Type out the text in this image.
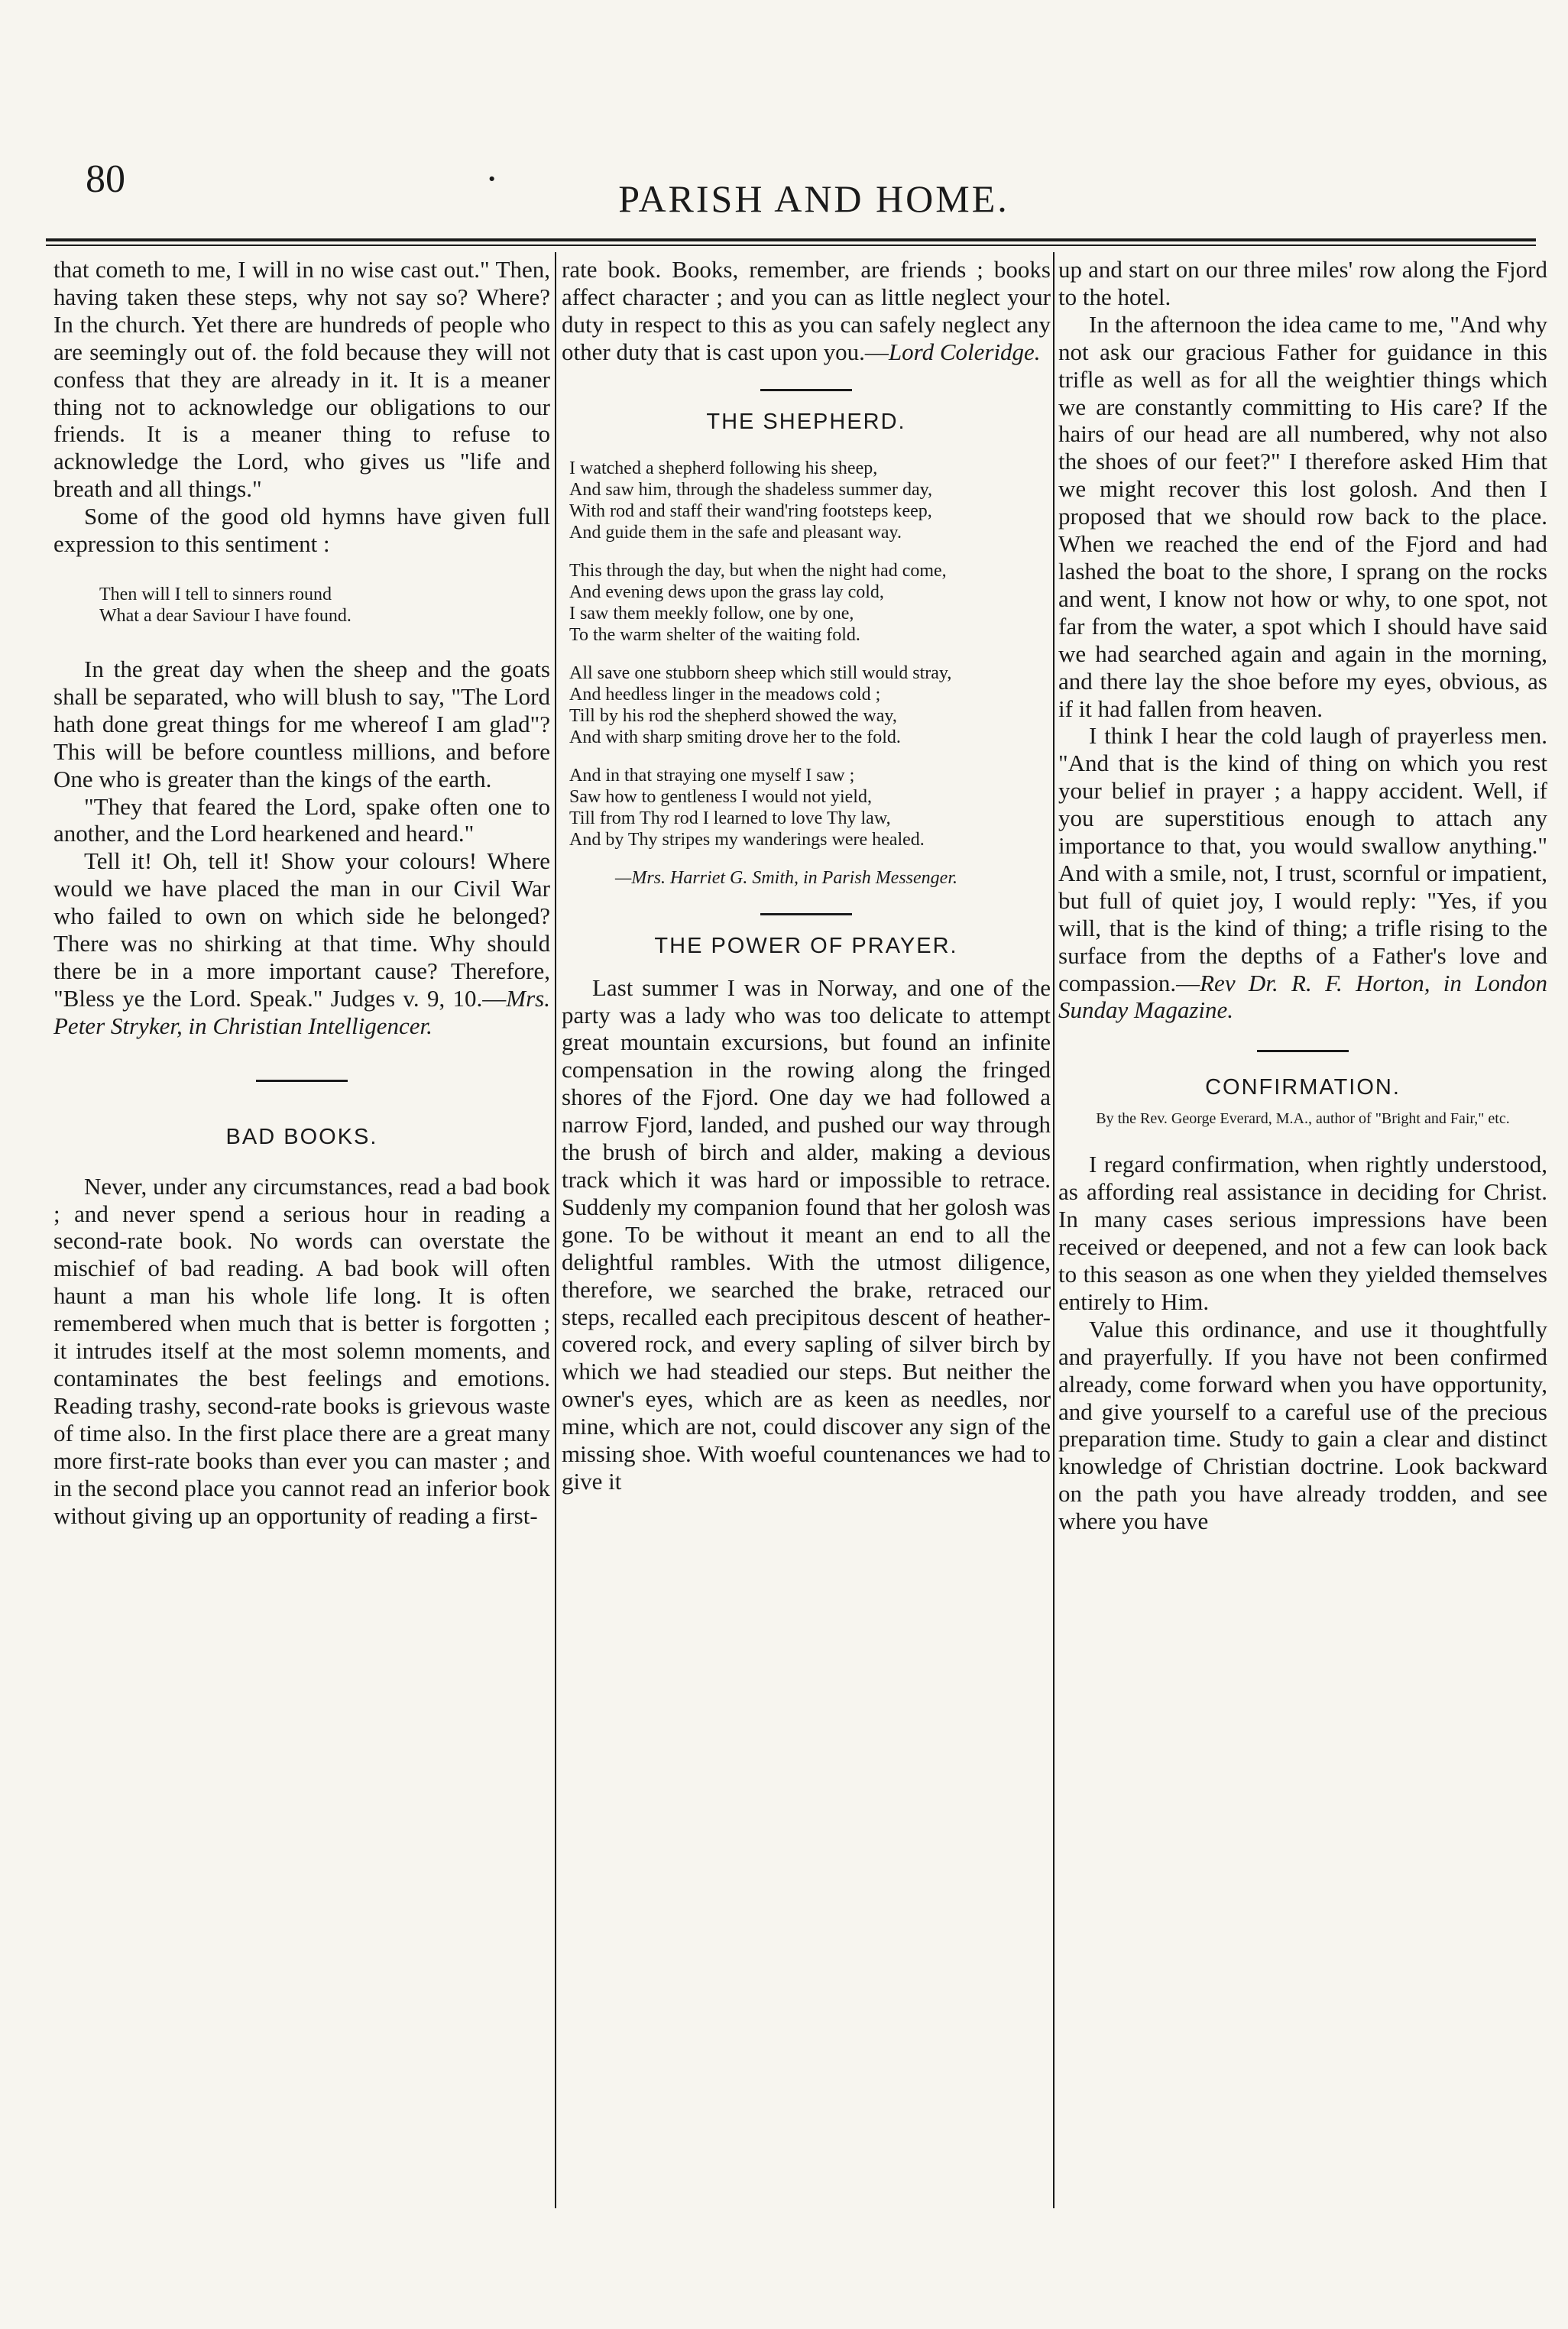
80	·	PARISH AND HOME.

that cometh to me, I will in no wise cast out." Then, having taken these steps, why not say so? Where? In the church. Yet there are hundreds of people who are seemingly out of. the fold because they will not confess that they are already in it. It is a meaner thing not to acknowledge our obligations to our friends. It is a meaner thing to refuse to acknowledge the Lord, who gives us "life and breath and all things."

Some of the good old hymns have given full expression to this sentiment :

Then will I tell to sinners round

What a dear Saviour I have found.

In the great day when the sheep and the goats shall be separated, who will blush to say, "The Lord hath done great things for me whereof I am glad"? This will be before countless millions, and before One who is greater than the kings of the earth.

"They that feared the Lord, spake often one to another, and the Lord hearkened and heard."

Tell it! Oh, tell it! Show your colours! Where would we have placed the man in our Civil War who failed to own on which side he belonged? There was no shirking at that time. Why should there be in a more important cause? Therefore, "Bless ye the Lord. Speak." Judges v. 9, 10.—Mrs. Peter Stryker, in Christian Intelligencer.

BAD BOOKS.

Never, under any circumstances, read a bad book ; and never spend a serious hour in reading a second-rate book. No words can overstate the mischief of bad reading. A bad book will often haunt a man his whole life long. It is often remembered when much that is better is forgotten ; it intrudes itself at the most solemn moments, and contaminates the best feelings and emotions. Reading trashy, second-rate books is grievous waste of time also. In the first place there are a great many more first-rate books than ever you can master ; and in the second place you cannot read an inferior book without giving up an opportunity of reading a first-

rate book. Books, remember, are friends ; books affect character ; and you can as little neglect your duty in respect to this as you can safely neglect any other duty that is cast upon you.—Lord Coleridge.

THE SHEPHERD.

I watched a shepherd following his sheep,

And saw him, through the shadeless summer day,

With rod and staff their wand'ring footsteps keep,

And guide them in the safe and pleasant way.

This through the day, but when the night had come,

And evening dews upon the grass lay cold,

I saw them meekly follow, one by one,

To the warm shelter of the waiting fold.

All save one stubborn sheep which still would stray,

And heedless linger in the meadows cold ;

Till by his rod the shepherd showed the way,

And with sharp smiting drove her to the fold.

And in that straying one myself I saw ;

Saw how to gentleness I would not yield,

Till from Thy rod I learned to love Thy law,

And by Thy stripes my wanderings were healed.

—Mrs. Harriet G. Smith, in Parish Messenger.

THE POWER OF PRAYER.

Last summer I was in Norway, and one of the party was a lady who was too delicate to attempt great mountain excursions, but found an infinite compensation in the rowing along the fringed shores of the Fjord. One day we had followed a narrow Fjord, landed, and pushed our way through the brush of birch and alder, making a devious track which it was hard or impossible to retrace. Suddenly my companion found that her golosh was gone. To be without it meant an end to all the delightful rambles. With the utmost diligence, therefore, we searched the brake, retraced our steps, recalled each precipitous descent of heather-covered rock, and every sapling of silver birch by which we had steadied our steps. But neither the owner's eyes, which are as keen as needles, nor mine, which are not, could discover any sign of the missing shoe. With woeful countenances we had to give it

up and start on our three miles' row along the Fjord to the hotel.

In the afternoon the idea came to me, "And why not ask our gracious Father for guidance in this trifle as well as for all the weightier things which we are constantly committing to His care? If the hairs of our head are all numbered, why not also the shoes of our feet?" I therefore asked Him that we might recover this lost golosh. And then I proposed that we should row back to the place. When we reached the end of the Fjord and had lashed the boat to the shore, I sprang on the rocks and went, I know not how or why, to one spot, not far from the water, a spot which I should have said we had searched again and again in the morning, and there lay the shoe before my eyes, obvious, as if it had fallen from heaven.

I think I hear the cold laugh of prayerless men. "And that is the kind of thing on which you rest your belief in prayer ; a happy accident. Well, if you are superstitious enough to attach any importance to that, you would swallow anything." And with a smile, not, I trust, scornful or impatient, but full of quiet joy, I would reply: "Yes, if you will, that is the kind of thing; a trifle rising to the surface from the depths of a Father's love and compassion.—Rev Dr. R. F. Horton, in London Sunday Magazine.

CONFIRMATION.

By the Rev. George Everard, M.A., author of "Bright and Fair," etc.

I regard confirmation, when rightly understood, as affording real assistance in deciding for Christ. In many cases serious impressions have been received or deepened, and not a few can look back to this season as one when they yielded themselves entirely to Him.

Value this ordinance, and use it thoughtfully and prayerfully. If you have not been confirmed already, come forward when you have opportunity, and give yourself to a careful use of the precious preparation time. Study to gain a clear and distinct knowledge of Christian doctrine. Look backward on the path you have already trodden, and see where you have
